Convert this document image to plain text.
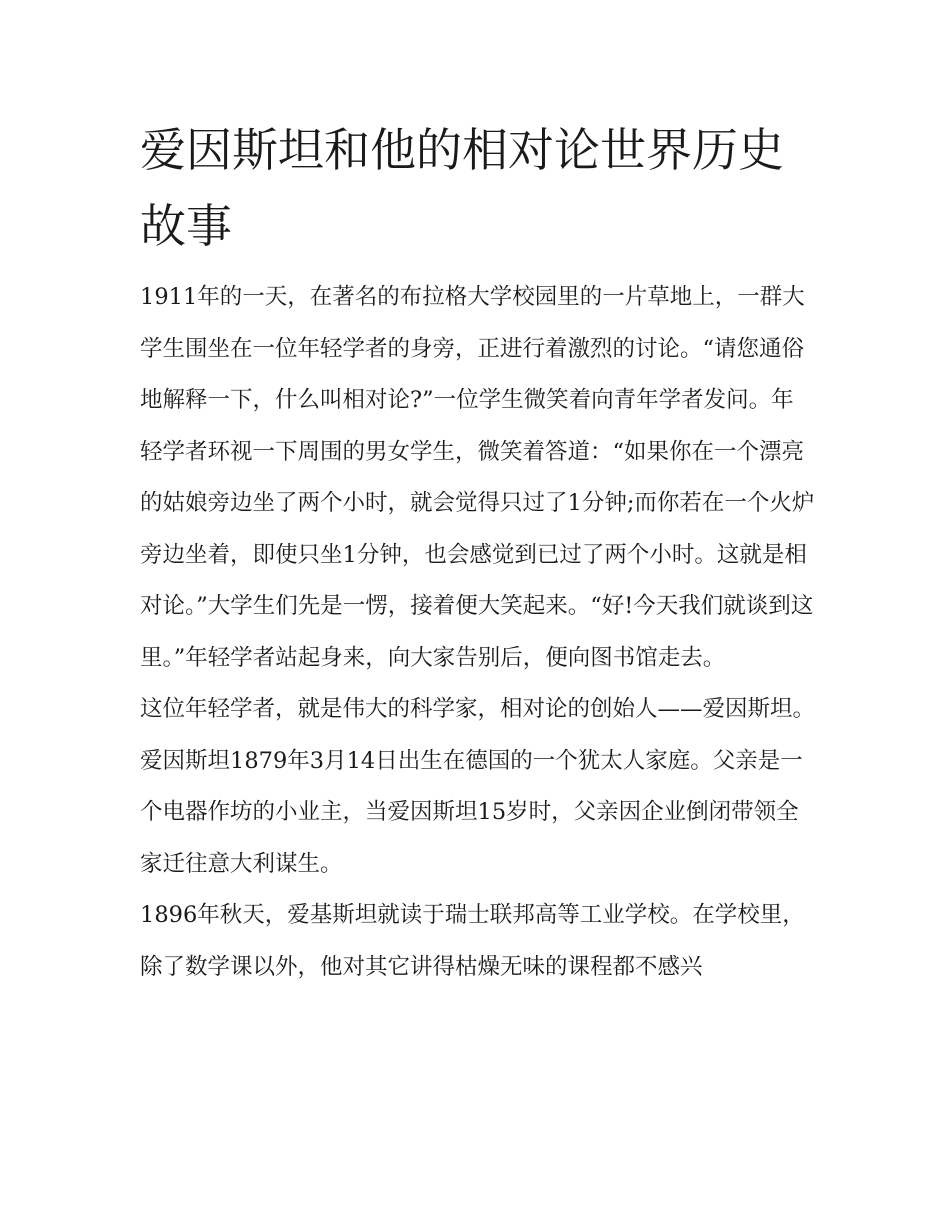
爱因斯坦和他的相对论世界历史故事

1911年的一天，在著名的布拉格大学校园里的一片草地上，一群大学生围坐在一位年轻学者的身旁，正进行着激烈的讨论。“请您通俗地解释一下，什么叫相对论?”一位学生微笑着向青年学者发问。年轻学者环视一下周围的男女学生，微笑着答道：“如果你在一个漂亮的姑娘旁边坐了两个小时，就会觉得只过了1分钟;而你若在一个火炉旁边坐着，即使只坐1分钟，也会感觉到已过了两个小时。这就是相对论。”大学生们先是一愣，接着便大笑起来。“好!今天我们就谈到这里。”年轻学者站起身来，向大家告别后，便向图书馆走去。

这位年轻学者，就是伟大的科学家，相对论的创始人——爱因斯坦。

爱因斯坦1879年3月14日出生在德国的一个犹太人家庭。父亲是一个电器作坊的小业主，当爱因斯坦15岁时，父亲因企业倒闭带领全家迁往意大利谋生。

1896年秋天，爱基斯坦就读于瑞士联邦高等工业学校。在学校里，除了数学课以外，他对其它讲得枯燥无味的课程都不感兴
